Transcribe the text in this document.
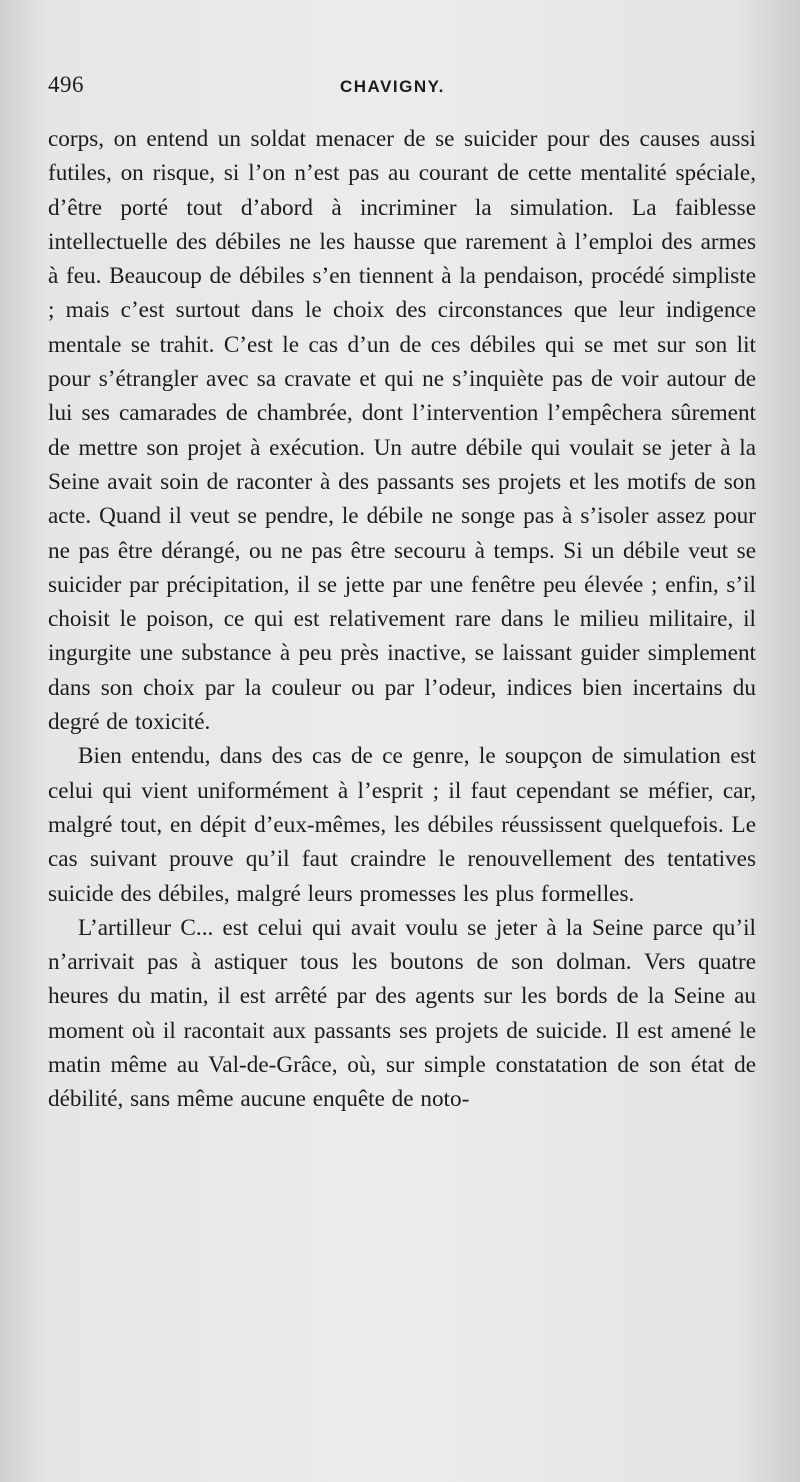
496	CHAVIGNY.

corps, on entend un soldat menacer de se suicider pour des causes aussi futiles, on risque, si l’on n’est pas au courant de cette mentalité spéciale, d’être porté tout d’abord à incriminer la simulation. La faiblesse intellectuelle des débiles ne les hausse que rarement à l’emploi des armes à feu. Beaucoup de débiles s’en tiennent à la pendaison, procédé simpliste ; mais c’est surtout dans le choix des circonstances que leur indigence mentale se trahit. C’est le cas d’un de ces débiles qui se met sur son lit pour s’étrangler avec sa cravate et qui ne s’inquiète pas de voir autour de lui ses camarades de chambrée, dont l’intervention l’empêchera sûrement de mettre son projet à exécution. Un autre débile qui voulait se jeter à la Seine avait soin de raconter à des passants ses projets et les motifs de son acte. Quand il veut se pendre, le débile ne songe pas à s’isoler assez pour ne pas être dérangé, ou ne pas être secouru à temps. Si un débile veut se suicider par précipitation, il se jette par une fenêtre peu élevée ; enfin, s’il choisit le poison, ce qui est relativement rare dans le milieu militaire, il ingurgite une substance à peu près inactive, se laissant guider simplement dans son choix par la couleur ou par l’odeur, indices bien incertains du degré de toxicité.

Bien entendu, dans des cas de ce genre, le soupçon de simulation est celui qui vient uniformément à l’esprit ; il faut cependant se méfier, car, malgré tout, en dépit d’eux-mêmes, les débiles réussissent quelquefois. Le cas suivant prouve qu’il faut craindre le renouvellement des tentatives suicide des débiles, malgré leurs promesses les plus formelles.

L’artilleur C... est celui qui avait voulu se jeter à la Seine parce qu’il n’arrivait pas à astiquer tous les boutons de son dolman. Vers quatre heures du matin, il est arrêté par des agents sur les bords de la Seine au moment où il racontait aux passants ses projets de suicide. Il est amené le matin même au Val-de-Grâce, où, sur simple constatation de son état de débilité, sans même aucune enquête de noto-
